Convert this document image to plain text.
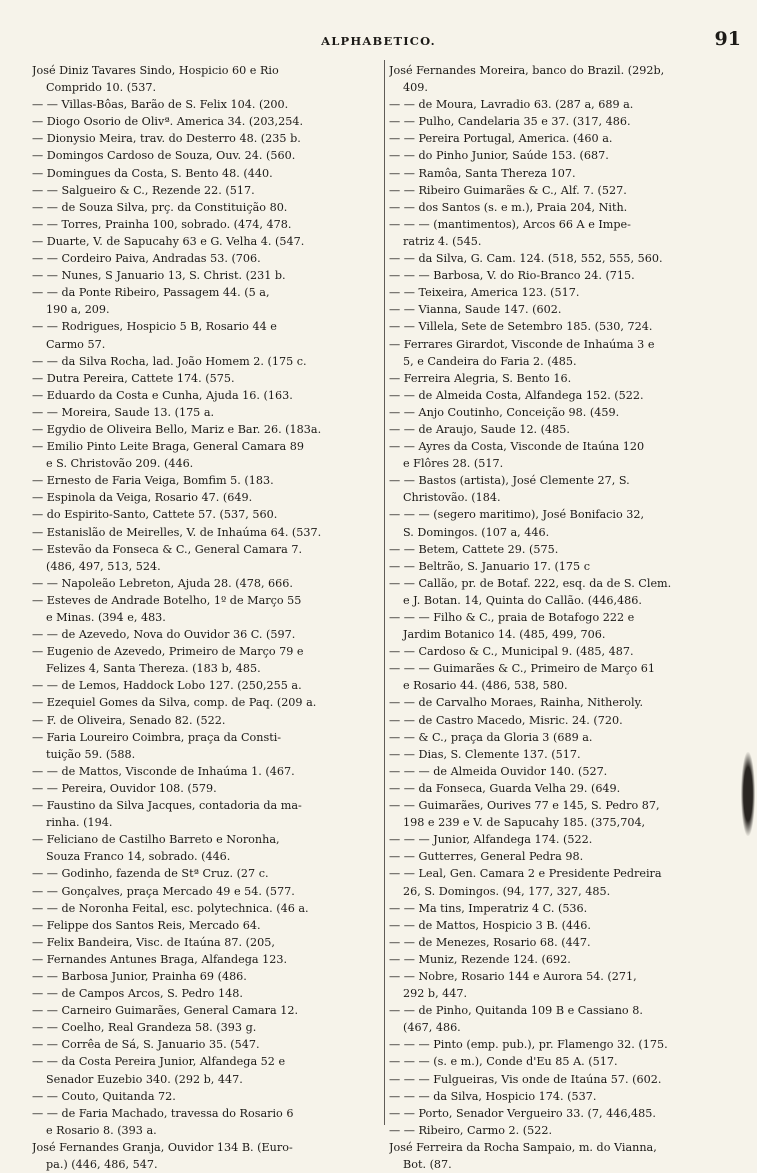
ALPHABETICO.	91
José Diniz Tavares Sindo, Hospicio 60 e Rio
Comprido 10. (537.
— — Villas-Bôas, Barão de S. Felix 104. (200.
— Diogo Osorio de Olivª. America 34. (203,254.
— Dionysio Meira, trav. do Desterro 48. (235 b.
— Domingos Cardoso de Souza, Ouv. 24. (560.
— Domingues da Costa, S. Bento 48. (440.
— — Salgueiro & C., Rezende 22. (517.
— — de Souza Silva, prç. da Constituição 80.
— — Torres, Prainha 100, sobrado. (474, 478.
— Duarte, V. de Sapucahy 63 e G. Velha 4. (547.
— — Cordeiro Paiva, Andradas 53. (706.
— — Nunes, S Januario 13, S. Christ. (231 b.
— — da Ponte Ribeiro, Passagem 44. (5 a,
190 a, 209.
— — Rodrigues, Hospicio 5 B, Rosario 44 e
Carmo 57.
— — da Silva Rocha, lad. João Homem 2. (175 c.
— Dutra Pereira, Cattete 174. (575.
— Eduardo da Costa e Cunha, Ajuda 16. (163.
— — Moreira, Saude 13. (175 a.
— Egydio de Oliveira Bello, Mariz e Bar. 26. (183a.
— Emilio Pinto Leite Braga, General Camara 89
e S. Christovão 209. (446.
— Ernesto de Faria Veiga, Bomfim 5. (183.
— Espinola da Veiga, Rosario 47. (649.
— do Espirito-Santo, Cattete 57. (537, 560.
— Estanislão de Meirelles, V. de Inhaúma 64. (537.
— Estevão da Fonseca & C., General Camara 7.
(486, 497, 513, 524.
— — Napoleão Lebreton, Ajuda 28. (478, 666.
— Esteves de Andrade Botelho, 1º de Março 55
e Minas. (394 e, 483.
— — de Azevedo, Nova do Ouvidor 36 C. (597.
— Eugenio de Azevedo, Primeiro de Março 79 e
Felizes 4, Santa Thereza. (183 b, 485.
— — de Lemos, Haddock Lobo 127. (250,255 a.
— Ezequiel Gomes da Silva, comp. de Paq. (209 a.
— F. de Oliveira, Senado 82. (522.
— Faria Loureiro Coimbra, praça da Consti-
tuição 59. (588.
— — de Mattos, Visconde de Inhaúma 1. (467.
— — Pereira, Ouvidor 108. (579.
— Faustino da Silva Jacques, contadoria da ma-
rinha. (194.
— Feliciano de Castilho Barreto e Noronha,
Souza Franco 14, sobrado. (446.
— — Godinho, fazenda de Stª Cruz. (27 c.
— — Gonçalves, praça Mercado 49 e 54. (577.
— — de Noronha Feital, esc. polytechnica. (46 a.
— Felippe dos Santos Reis, Mercado 64.
— Felix Bandeira, Visc. de Itaúna 87. (205,
— Fernandes Antunes Braga, Alfandega 123.
— — Barbosa Junior, Prainha 69 (486.
— — de Campos Arcos, S. Pedro 148.
— — Carneiro Guimarães, General Camara 12.
— — Coelho, Real Grandeza 58. (393 g.
— — Corrêa de Sá, S. Januario 35. (547.
— — da Costa Pereira Junior, Alfandega 52 e
Senador Euzebio 340. (292 b, 447.
— — Couto, Quitanda 72.
— — de Faria Machado, travessa do Rosario 6
e Rosario 8. (393 a.
José Fernandes Granja, Ouvidor 134 B. (Euro-
pa.) (446, 486, 547.
José Fernandes Moreira, banco do Brazil. (292b,
409.
— — de Moura, Lavradio 63. (287 a, 689 a.
— — Pulho, Candelaria 35 e 37. (317, 486.
— — Pereira Portugal, America. (460 a.
— — do Pinho Junior, Saúde 153. (687.
— — Ramôa, Santa Thereza 107.
— — Ribeiro Guimarães & C., Alf. 7. (527.
— — dos Santos (s. e m.), Praia 204, Nith.
— — — (mantimentos), Arcos 66 A e Impe-
ratriz 4. (545.
— — da Silva, G. Cam. 124. (518, 552, 555, 560.
— — — Barbosa, V. do Rio-Branco 24. (715.
— — Teixeira, America 123. (517.
— — Vianna, Saude 147. (602.
— — Villela, Sete de Setembro 185. (530, 724.
— Ferrares Girardot, Visconde de Inhaúma 3 e
5, e Candeira do Faria 2. (485.
— Ferreira Alegria, S. Bento 16.
— — de Almeida Costa, Alfandega 152. (522.
— — Anjo Coutinho, Conceição 98. (459.
— — de Araujo, Saude 12. (485.
— — Ayres da Costa, Visconde de Itaúna 120
e Flôres 28. (517.
— — Bastos (artista), José Clemente 27, S.
Christovão. (184.
— — — (segero maritimo), José Bonifacio 32,
S. Domingos. (107 a, 446.
— — Betem, Cattete 29. (575.
— — Beltrão, S. Januario 17. (175 c
— — Callão, pr. de Botaf. 222, esq. da de S. Clem.
e J. Botan. 14, Quinta do Callão. (446,486.
— — — Filho & C., praia de Botafogo 222 e
Jardim Botanico 14. (485, 499, 706.
— — Cardoso & C., Municipal 9. (485, 487.
— — — Guimarães & C., Primeiro de Março 61
e Rosario 44. (486, 538, 580.
— — de Carvalho Moraes, Rainha, Nitheroly.
— — de Castro Macedo, Misric. 24. (720.
— — & C., praça da Gloria 3 (689 a.
— — Dias, S. Clemente 137. (517.
— — — de Almeida Ouvidor 140. (527.
— — da Fonseca, Guarda Velha 29. (649.
— — Guimarães, Ourives 77 e 145, S. Pedro 87,
198 e 239 e V. de Sapucahy 185. (375,704,
— — — Junior, Alfandega 174. (522.
— — Gutterres, General Pedra 98.
— — Leal, Gen. Camara 2 e Presidente Pedreira
26, S. Domingos. (94, 177, 327, 485.
— — Ma tins, Imperatriz 4 C. (536.
— — de Mattos, Hospicio 3 B. (446.
— — de Menezes, Rosario 68. (447.
— — Muniz, Rezende 124. (692.
— — Nobre, Rosario 144 e Aurora 54. (271,
292 b, 447.
— — de Pinho, Quitanda 109 B e Cassiano 8.
(467, 486.
— — — Pinto (emp. pub.), pr. Flamengo 32. (175.
— — — (s. e m.), Conde d'Eu 85 A. (517.
— — — Fulgueiras, Vis onde de Itaúna 57. (602.
— — — da Silva, Hospicio 174. (537.
— — Porto, Senador Vergueiro 33. (7, 446,485.
— — Ribeiro, Carmo 2. (522.
José Ferreira da Rocha Sampaio, m. do Vianna,
Bot. (87.
